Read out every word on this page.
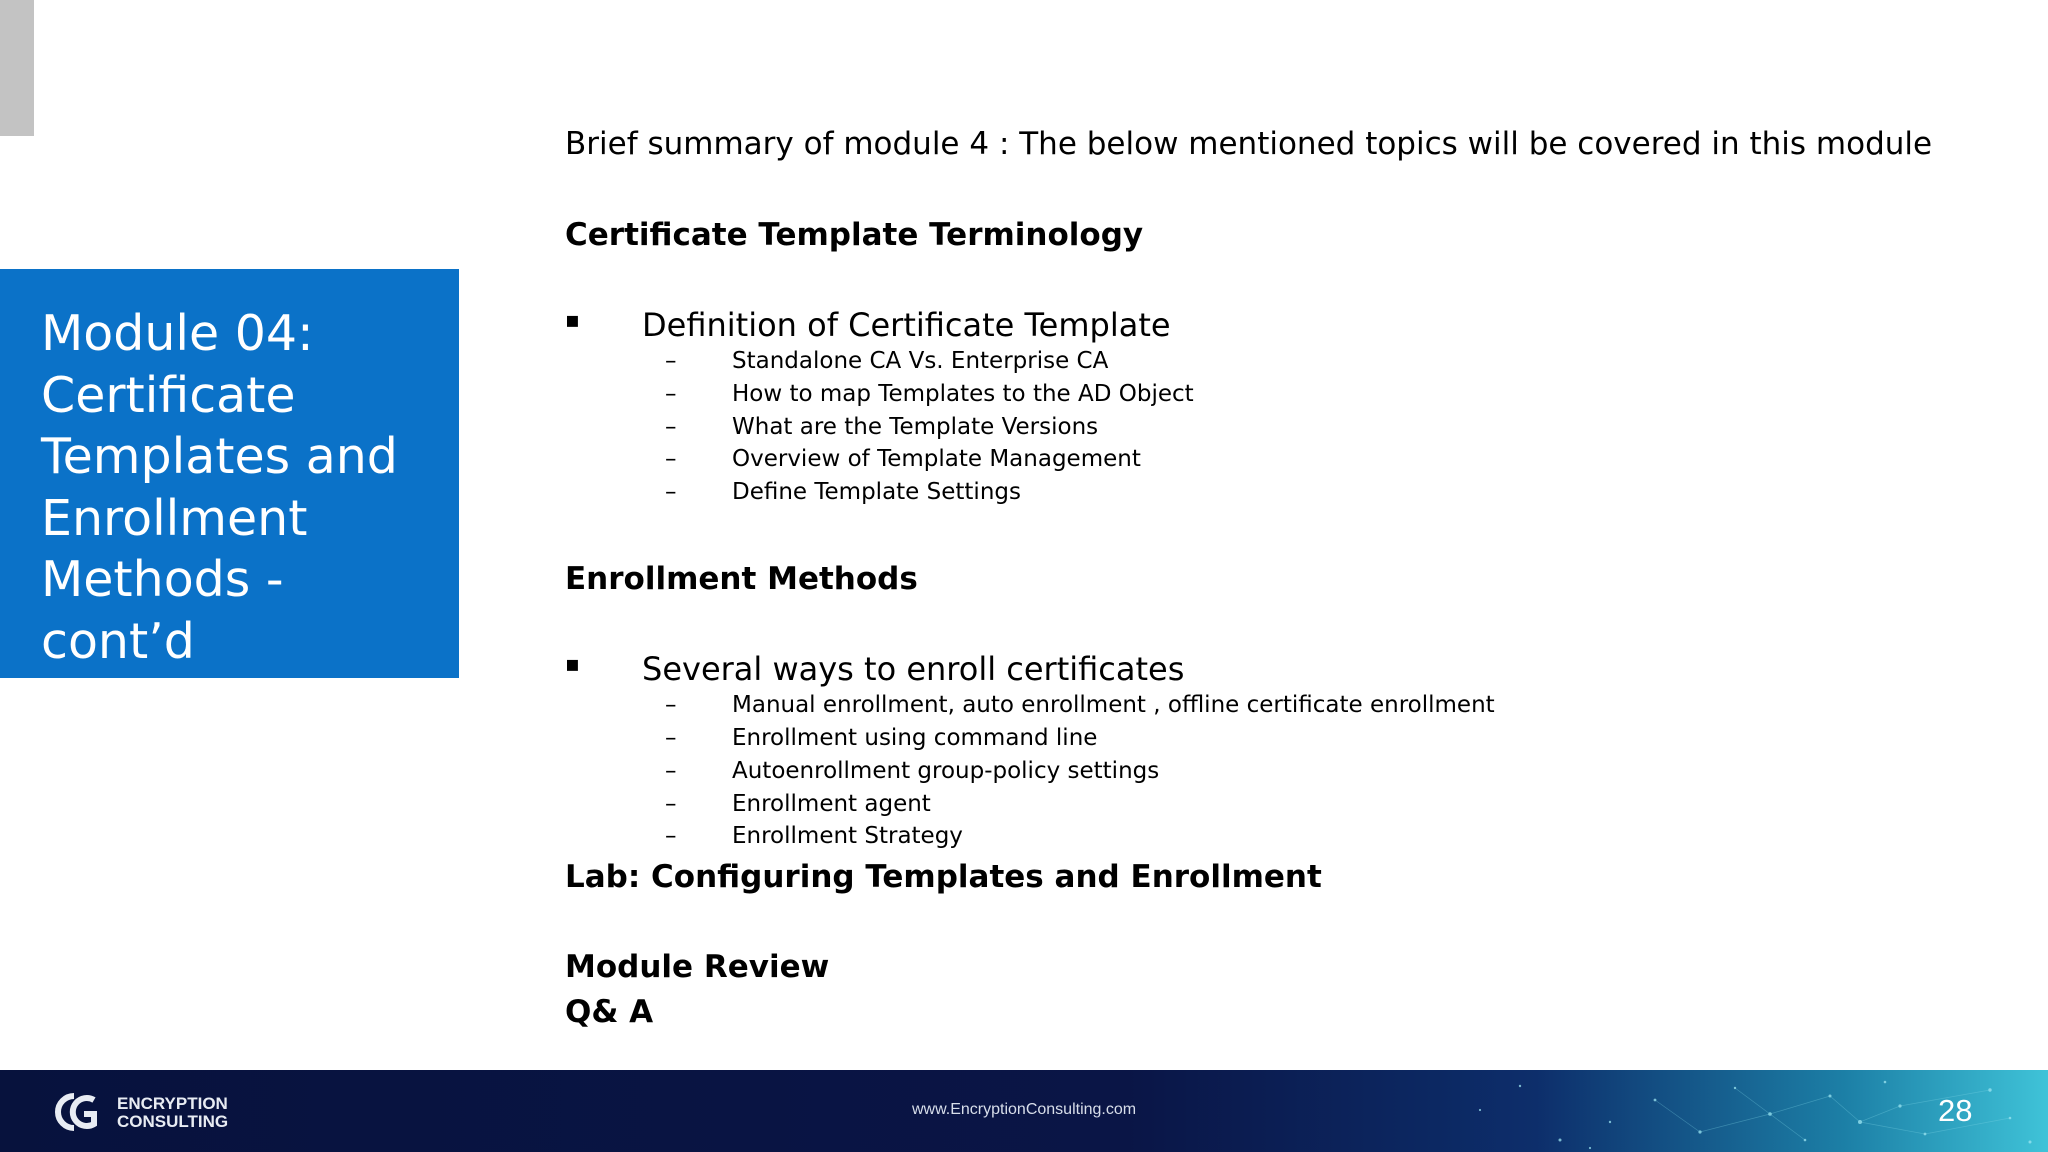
Module 04:
Certificate
Templates and
Enrollment
Methods -
cont’d
Brief summary of module 4 : The below mentioned topics will be covered in this module
Certificate Template Terminology
▪ Definition of Certificate Template
– Standalone CA Vs. Enterprise CA
– How to map Templates to the AD Object
– What are the Template Versions
– Overview of Template Management
– Define Template Settings
Enrollment Methods
▪ Several ways to enroll certificates
– Manual enrollment, auto enrollment , offline certificate enrollment
– Enrollment using command line
– Autoenrollment group-policy settings
– Enrollment agent
– Enrollment Strategy
Lab: Configuring Templates and Enrollment
Module Review
Q& A
ENCRYPTION
CONSULTING
www.EncryptionConsulting.com	28
